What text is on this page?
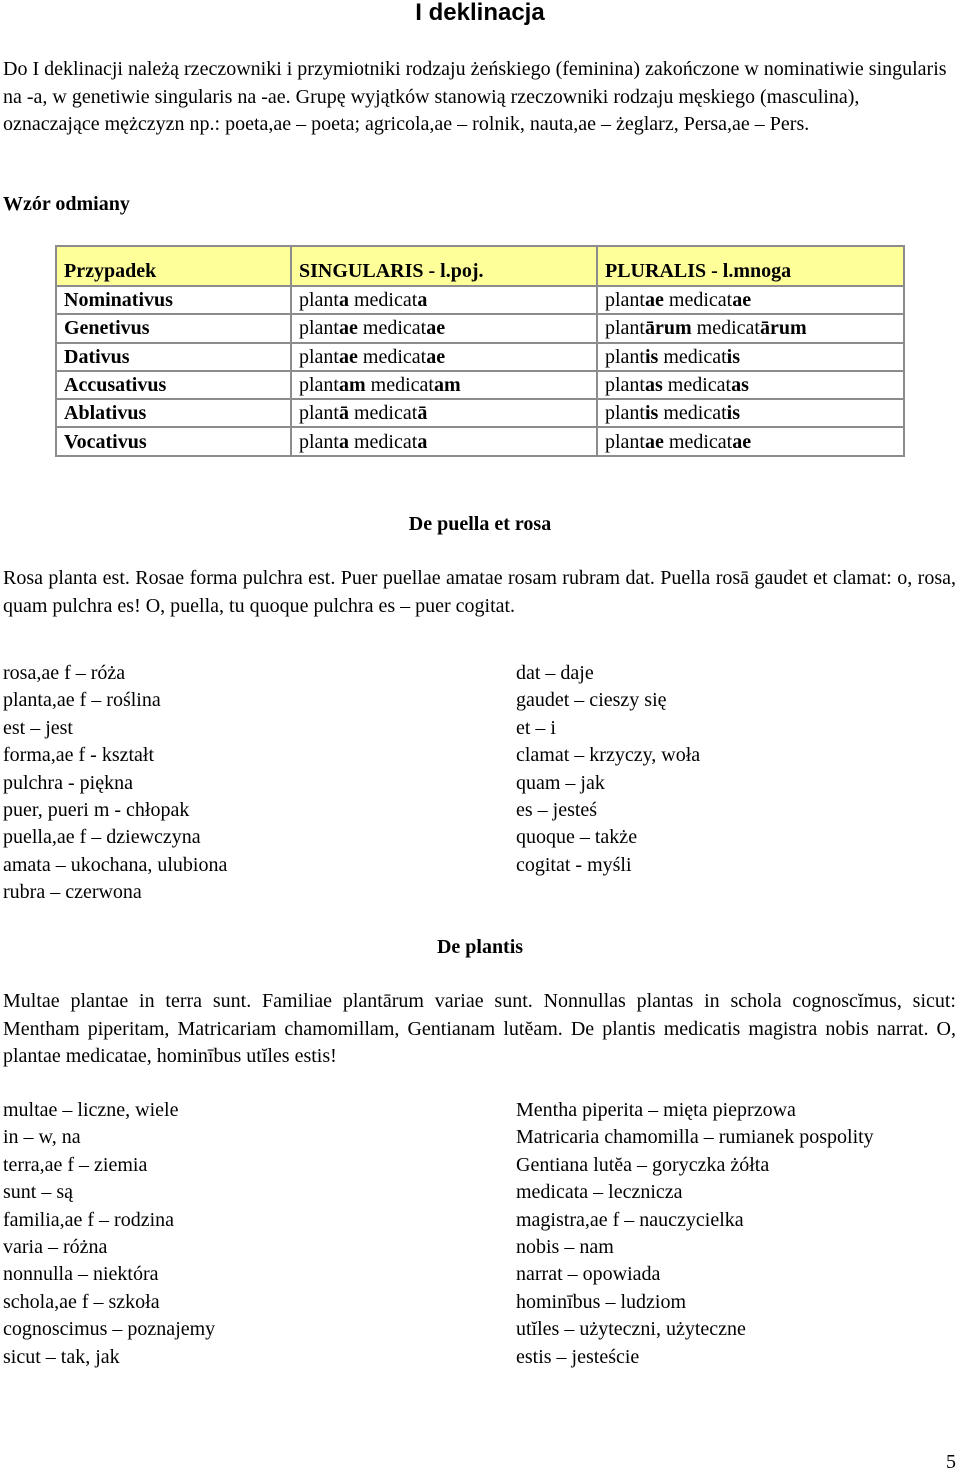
I deklinacja

Do I deklinacji należą rzeczowniki i przymiotniki rodzaju żeńskiego (feminina) zakończone w nominatiwie singularis na -a, w genetiwie singularis na -ae. Grupę wyjątków stanowią rzeczowniki rodzaju męskiego (masculina), oznaczające mężczyzn np.: poeta,ae – poeta; agricola,ae – rolnik, nauta,ae – żeglarz, Persa,ae – Pers.

Wzór odmiany
Przypadek	SINGULARIS - l.poj.	PLURALIS - l.mnoga
Nominativus	planta medicata	plantae medicatae
Genetivus	plantae medicatae	plantārum medicatārum
Dativus	plantae medicatae	plantis medicatis
Accusativus	plantam medicatam	plantas medicatas
Ablativus	plantā medicatā	plantis medicatis
Vocativus	planta medicata	plantae medicatae
De puella et rosa

Rosa planta est. Rosae forma pulchra est. Puer puellae amatae rosam rubram dat. Puella rosā gaudet et clamat: o, rosa, quam pulchra es! O, puella, tu quoque pulchra es – puer cogitat.

rosa,ae f – róża
planta,ae f – roślina
est – jest
forma,ae f - kształt
pulchra - piękna
puer, pueri m - chłopak
puella,ae f – dziewczyna
amata – ukochana, ulubiona
rubra – czerwona
dat – daje
gaudet – cieszy się
et – i
clamat – krzyczy, woła
quam – jak
es – jesteś
quoque – także
cogitat - myśli
De plantis

Multae plantae in terra sunt. Familiae plantārum variae sunt. Nonnullas plantas in schola cognoscĭmus, sicut: Mentham piperitam, Matricariam chamomillam, Gentianam lutĕam. De plantis medicatis magistra nobis narrat. O, plantae medicatae, hominībus utĭles estis!

multae – liczne, wiele
in – w, na
terra,ae f – ziemia
sunt – są
familia,ae f – rodzina
varia – różna
nonnulla – niektóra
schola,ae f – szkoła
cognoscimus – poznajemy
sicut – tak, jak
Mentha piperita – mięta pieprzowa
Matricaria chamomilla – rumianek pospolity
Gentiana lutĕa – goryczka żółta
medicata – lecznicza
magistra,ae f – nauczycielka
nobis – nam
narrat – opowiada
hominībus – ludziom
utĭles – użyteczni, użyteczne
estis – jesteście
5
